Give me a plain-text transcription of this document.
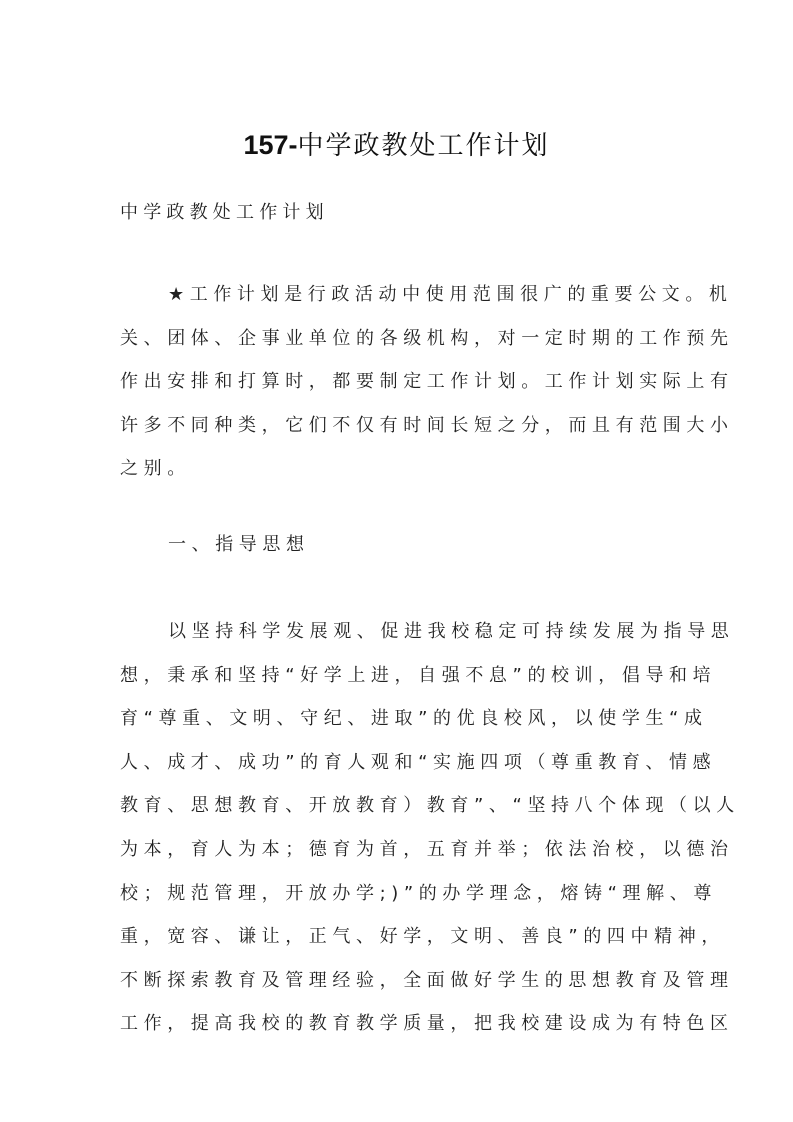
157-中学政教处工作计划
中学政教处工作计划
★工作计划是行政活动中使用范围很广的重要公文。机
关、团体、企事业单位的各级机构，对一定时期的工作预先
作出安排和打算时，都要制定工作计划。工作计划实际上有
许多不同种类，它们不仅有时间长短之分，而且有范围大小
之别。
一、指导思想
以坚持科学发展观、促进我校稳定可持续发展为指导思
想，秉承和坚持“好学上进，自强不息”的校训，倡导和培
育“尊重、文明、守纪、进取”的优良校风，以使学生“成
人、成才、成功”的育人观和“实施四项（尊重教育、情感
教育、思想教育、开放教育）教育”、“坚持八个体现（以人
为本，育人为本；德育为首，五育并举；依法治校，以德治
校；规范管理，开放办学;)”的办学理念，熔铸“理解、尊
重，宽容、谦让，正气、好学，文明、善良”的四中精神，
不断探索教育及管理经验，全面做好学生的思想教育及管理
工作，提高我校的教育教学质量，把我校建设成为有特色区
